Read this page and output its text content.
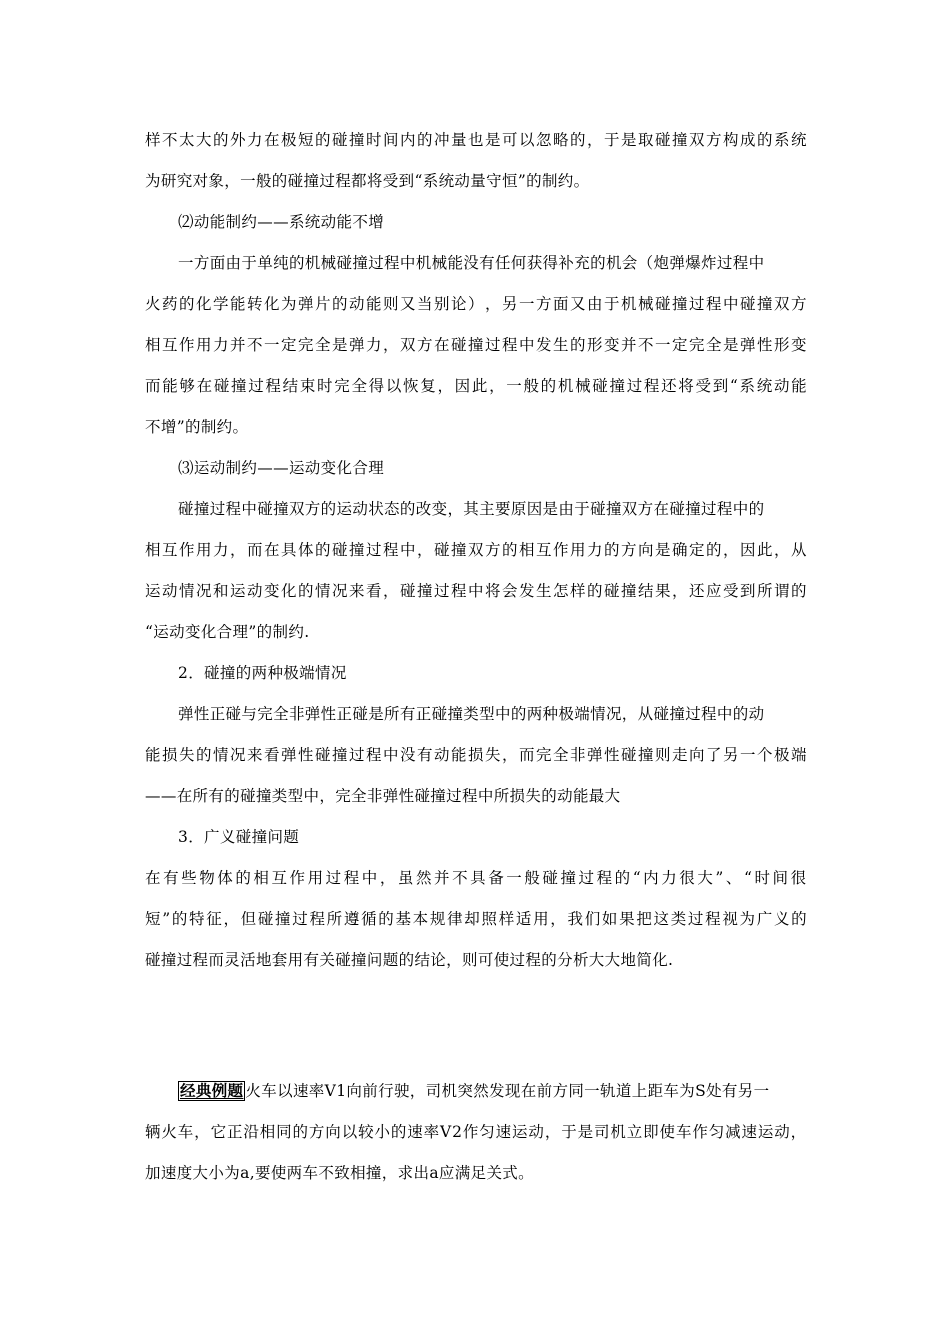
样 不 太 大 的 外 力 在 极 短 的 碰 撞 时 间 内 的 冲 量 也 是 可 以 忽 略 的 ， 于 是 取 碰 撞 双 方 构 成 的 系 统

为研究对象，一般的碰撞过程都将受到“系统动量守恒”的制约。

⑵动能制约——系统动能不增

一方面由于单纯的机械碰撞过程中机械能没有任何获得补充的机会（炮弹爆炸过程中

火 药 的 化 学 能 转 化 为 弹 片 的 动 能 则 又 当 别 论 ） ， 另 一 方 面 又 由 于 机 械 碰 撞 过 程 中 碰 撞 双 方

相 互 作 用 力 并 不 一 定 完 全 是 弹 力 ， 双 方 在 碰 撞 过 程 中 发 生 的 形 变 并 不 一 定 完 全 是 弹 性 形 变

而 能 够 在 碰 撞 过 程 结 束 时 完 全 得 以 恢 复 ， 因 此 ， 一 般 的 机 械 碰 撞 过 程 还 将 受 到 “ 系 统 动 能

不增”的制约。

⑶运动制约——运动变化合理

碰撞过程中碰撞双方的运动状态的改变，其主要原因是由于碰撞双方在碰撞过程中的

相 互 作 用 力 ， 而 在 具 体 的 碰 撞 过 程 中 ， 碰 撞 双 方 的 相 互 作 用 力 的 方 向 是 确 定 的 ， 因 此 ， 从

运 动 情 况 和 运 动 变 化 的 情 况 来 看 ， 碰 撞 过 程 中 将 会 发 生 怎 样 的 碰 撞 结 果 ， 还 应 受 到 所 谓 的

“运动变化合理”的制约.

2．碰撞的两种极端情况

弹性正碰与完全非弹性正碰是所有正碰撞类型中的两种极端情况，从碰撞过程中的动

能 损 失 的 情 况 来 看 弹 性 碰 撞 过 程 中 没 有 动 能 损 失 ， 而 完 全 非 弹 性 碰 撞 则 走 向 了 另 一 个 极 端

——在所有的碰撞类型中，完全非弹性碰撞过程中所损失的动能最大

3．广义碰撞问题

在 有 些 物 体 的 相 互 作 用 过 程 中 ， 虽 然 并 不 具 备 一 般 碰 撞 过 程 的 “ 内 力 很 大 ” 、 “ 时 间 很

短 ” 的 特 征 ， 但 碰 撞 过 程 所 遵 循 的 基 本 规 律 却 照 样 适 用 ， 我 们 如 果 把 这 类 过 程 视 为 广 义 的

碰撞过程而灵活地套用有关碰撞问题的结论，则可使过程的分析大大地简化.

经典例题 火车以速率V1向前行驶，司机突然发现在前方同一轨道上距车为S处有另一

辆 火 车 ， 它 正 沿 相 同 的 方 向 以 较 小 的 速 率 V 2 作 匀 速 运 动 ， 于 是 司 机 立 即 使 车 作 匀 减 速 运 动 ，

加速度大小为a,要使两车不致相撞，求出a应满足关式。
